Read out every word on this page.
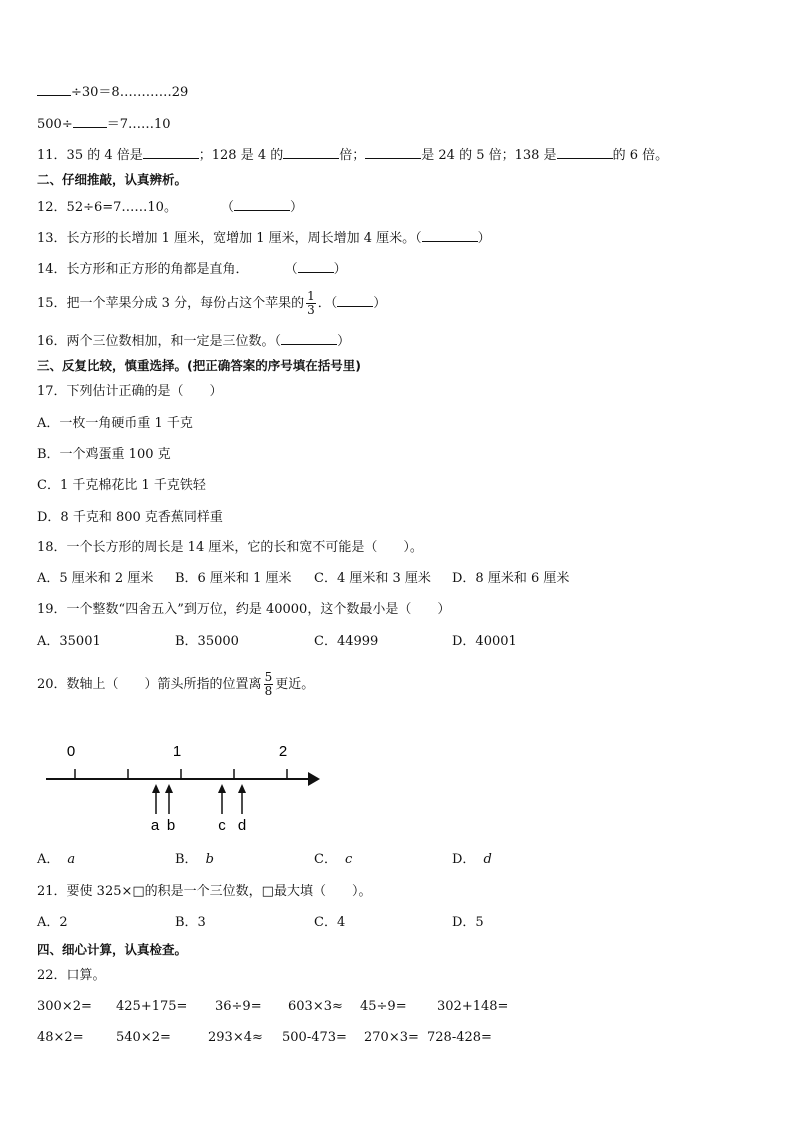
÷30＝8…………29
500÷	＝7……10
11．35 的 4 倍是	；128 是 4 的	倍；	是 24 的 5 倍；138 是	的 6 倍。
二、仔细推敲，认真辨析。
12．52÷6=7……10。	（	）
13．长方形的长增加 1 厘米，宽增加 1 厘米，周长增加 4 厘米。（	）
14．长方形和正方形的角都是直角．	（	）
15．把一个苹果分成 3 分，每份占这个苹果的 $\frac{1}{3}$ ．（	）
16．两个三位数相加，和一定是三位数。（	）
三、反复比较，慎重选择。(把正确答案的序号填在括号里)
17．下列估计正确的是（　　）
A．一枚一角硬币重 1 千克
B．一个鸡蛋重 100 克
C．1 千克棉花比 1 千克铁轻
D．8 千克和 800 克香蕉同样重
18．一个长方形的周长是 14 厘米，它的长和宽不可能是（　　）。
A．5 厘米和 2 厘米 B．6 厘米和 1 厘米 C．4 厘米和 3 厘米 D．8 厘米和 6 厘米
19．一个整数“四舍五入”到万位，约是 40000，这个数最小是（　　）
A．35001	B．35000	C．44999	D．40001
20．数轴上（　　）箭头所指的位置离 $\frac{5}{8}$ 更近。
0	1	2
a b	c d
A． a	B． b	C． c	D． d
21．要使 325×□的积是一个三位数，□最大填（　　）。
A．2	B．3	C．4	D．5
四、细心计算，认真检查。
22．口算。
300×2= 425+175= 36÷9= 603×3≈ 45÷9= 302+148=
48×2= 540×2=	293×4≈ 500-473= 270×3= 728-428=
